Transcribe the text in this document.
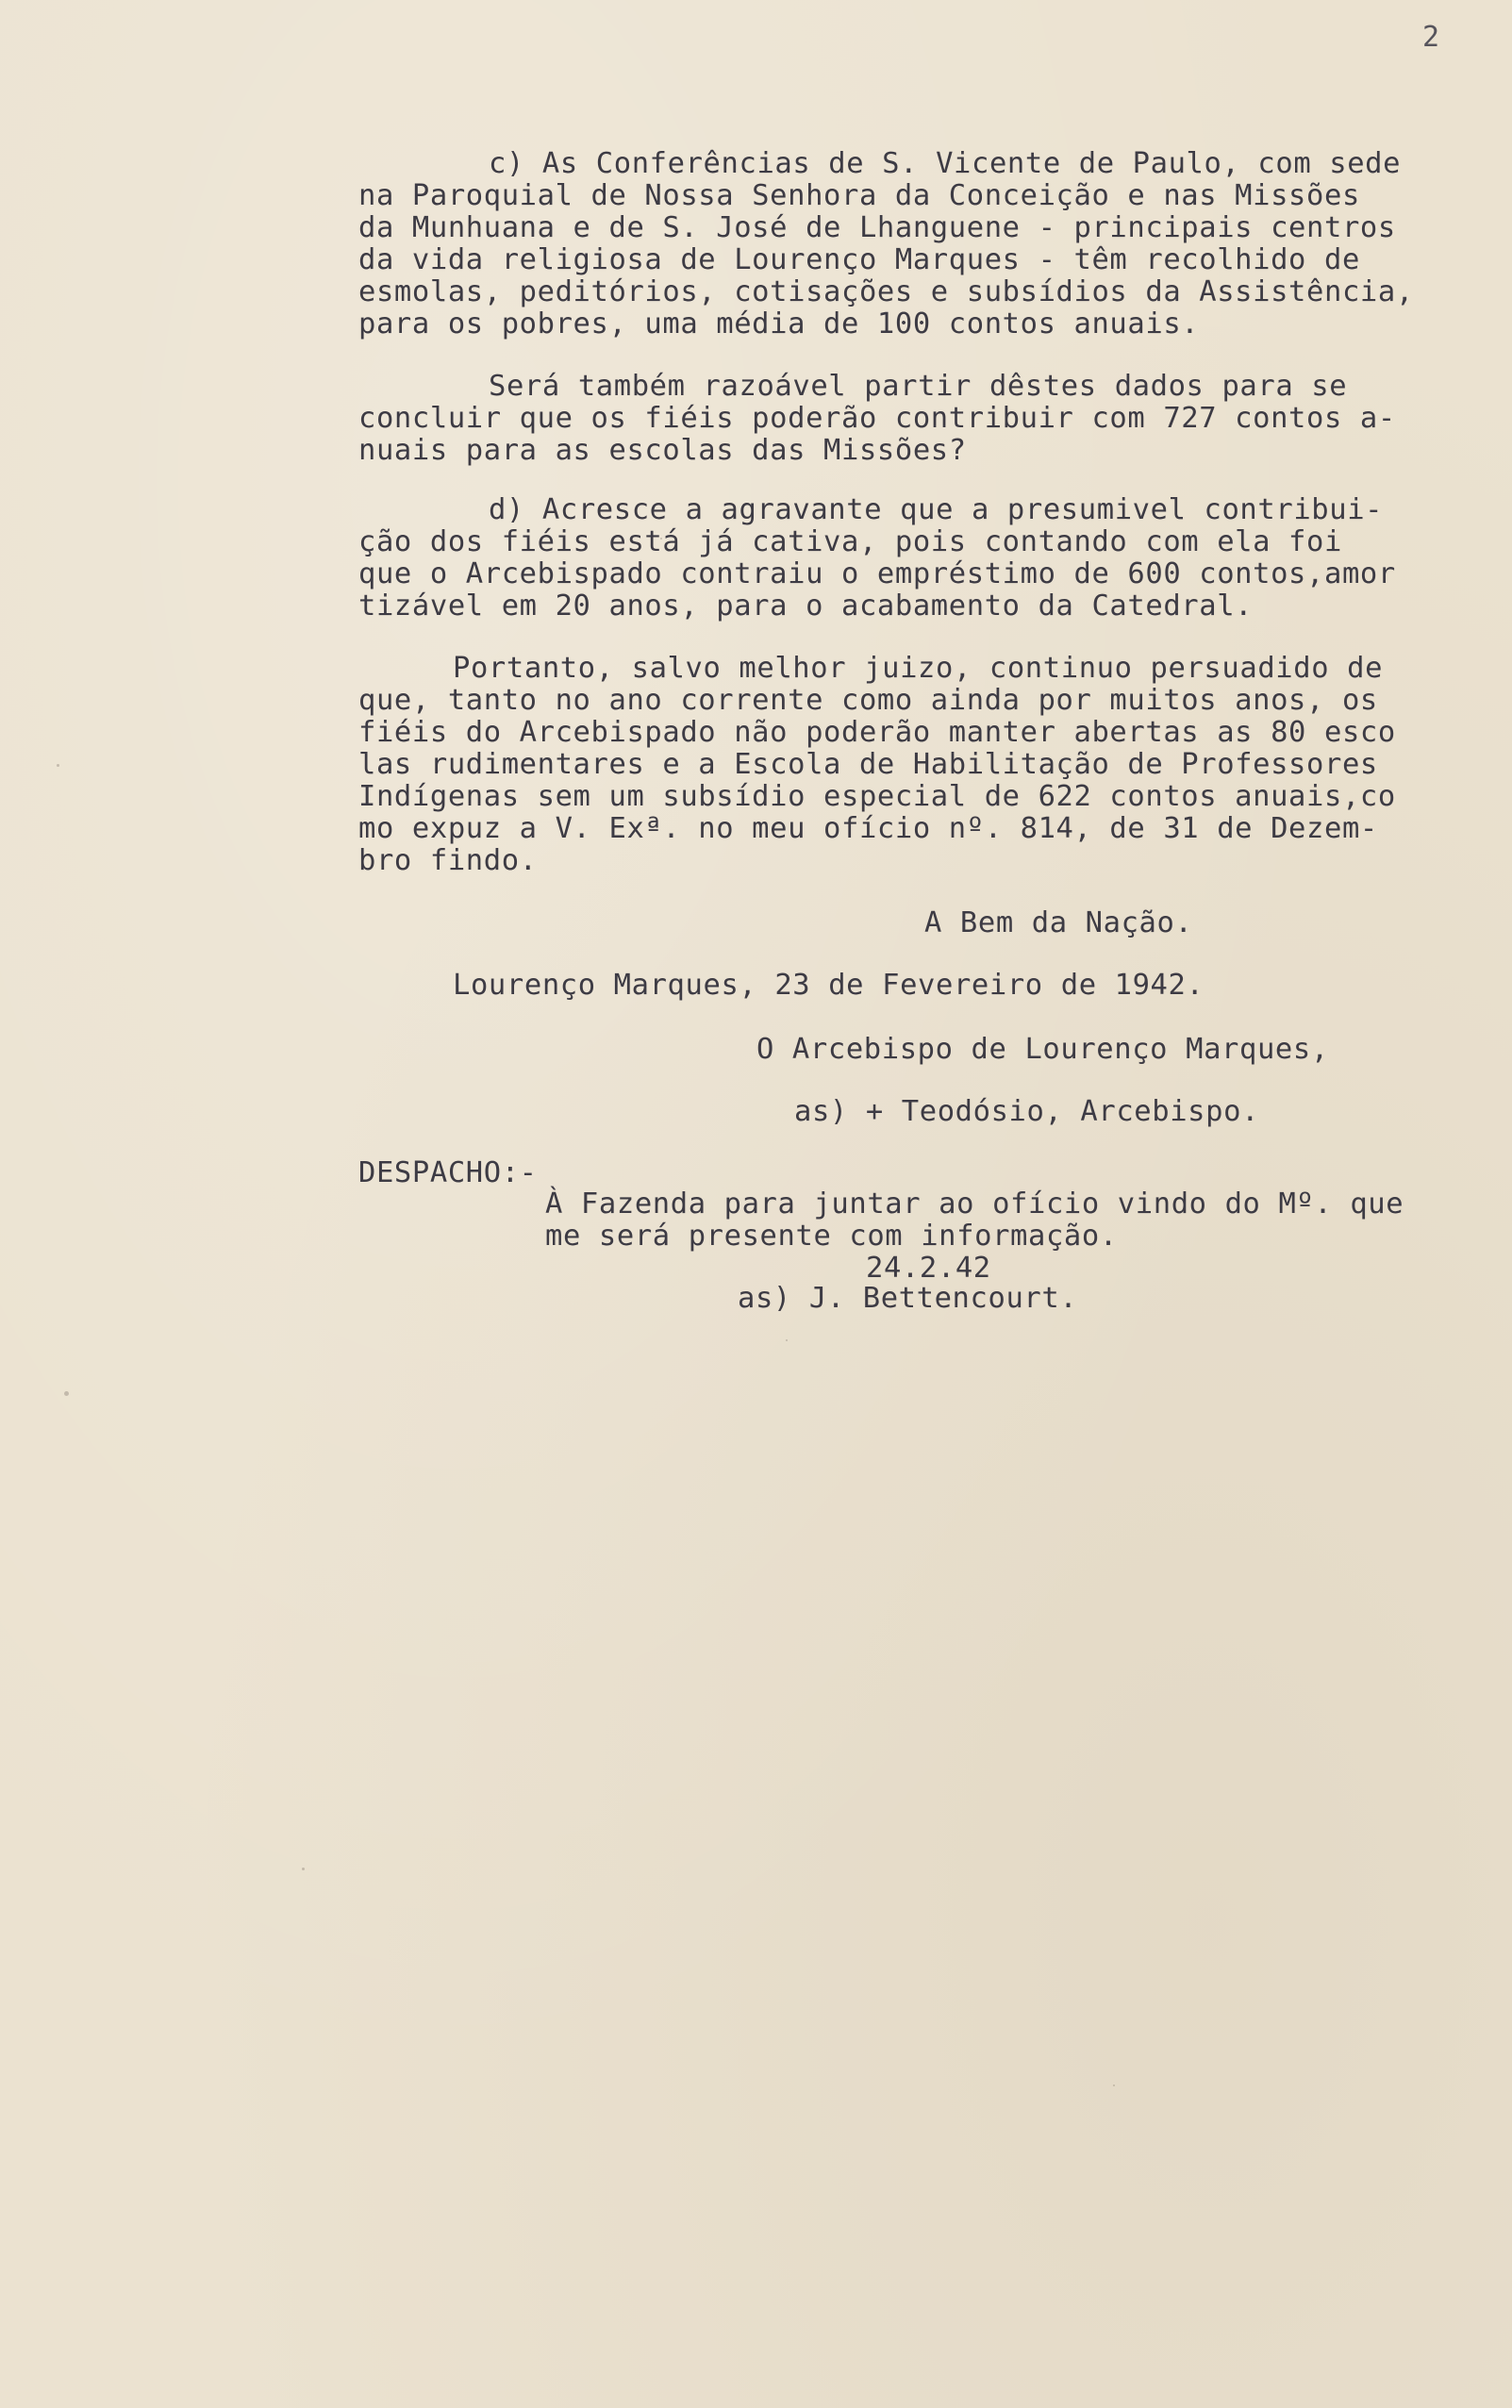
2
c) As Conferências de S. Vicente de Paulo, com sede
na Paroquial de Nossa Senhora da Conceição e nas Missões
da Munhuana e de S. José de Lhanguene - principais centros
da vida religiosa de Lourenço Marques - têm recolhido de
esmolas, peditórios, cotisações e subsídios da Assistência,
para os pobres, uma média de 100 contos anuais.
Será também razoável partir dêstes dados para se
concluir que os fiéis poderão contribuir com 727 contos a-
nuais para as escolas das Missões?
d) Acresce a agravante que a presumivel contribui-
ção dos fiéis está já cativa, pois contando com ela foi
que o Arcebispado contraiu o empréstimo de 600 contos,amor
tizável em 20 anos, para o acabamento da Catedral.
Portanto, salvo melhor juizo, continuo persuadido de
que, tanto no ano corrente como ainda por muitos anos, os
fiéis do Arcebispado não poderão manter abertas as 80 esco
las rudimentares e a Escola de Habilitação de Professores
Indígenas sem um subsídio especial de 622 contos anuais,co
mo expuz a V. Exª. no meu ofício nº. 814, de 31 de Dezem-
bro findo.
A Bem da Nação.
Lourenço Marques, 23 de Fevereiro de 1942.
O Arcebispo de Lourenço Marques,
as) + Teodósio, Arcebispo.
DESPACHO:-
À Fazenda para juntar ao ofício vindo do Mº. que
me será presente com informação.
24.2.42
as) J. Bettencourt.
